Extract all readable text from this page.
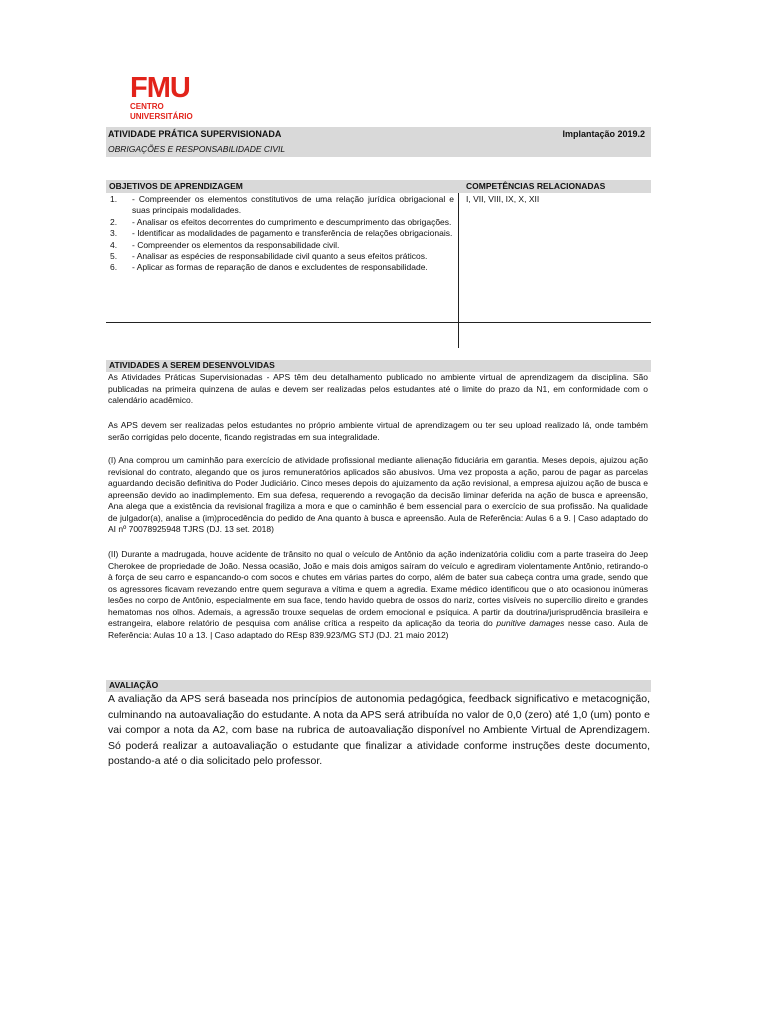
FMU
CENTRO UNIVERSITÁRIO
ATIVIDADE PRÁTICA SUPERVISIONADA	Implantação 2019.2
OBRIGAÇÕES E RESPONSABILIDADE CIVIL
OBJETIVOS DE APRENDIZAGEM	COMPETÊNCIAS RELACIONADAS
1. - Compreender os elementos constitutivos de uma relação jurídica obrigacional e suas principais modalidades.
2. - Analisar os efeitos decorrentes do cumprimento e descumprimento das obrigações.
3. - Identificar as modalidades de pagamento e transferência de relações obrigacionais.
4. - Compreender os elementos da responsabilidade civil.
5. - Analisar as espécies de responsabilidade civil quanto a seus efeitos práticos.
6. - Aplicar as formas de reparação de danos e excludentes de responsabilidade.
I, VII, VIII, IX, X, XII
ATIVIDADES A SEREM DESENVOLVIDAS

As Atividades Práticas Supervisionadas - APS têm deu detalhamento publicado no ambiente virtual de aprendizagem da disciplina. São publicadas na primeira quinzena de aulas e devem ser realizadas pelos estudantes até o limite do prazo da N1, em conformidade com o calendário acadêmico.

As APS devem ser realizadas pelos estudantes no próprio ambiente virtual de aprendizagem ou ter seu upload realizado lá, onde também serão corrigidas pelo docente, ficando registradas em sua integralidade.

(I) Ana comprou um caminhão para exercício de atividade profissional mediante alienação fiduciária em garantia. Meses depois, ajuizou ação revisional do contrato, alegando que os juros remuneratórios aplicados são abusivos. Uma vez proposta a ação, parou de pagar as parcelas aguardando decisão definitiva do Poder Judiciário. Cinco meses depois do ajuizamento da ação revisional, a empresa ajuizou ação de busca e apreensão devido ao inadimplemento. Em sua defesa, requerendo a revogação da decisão liminar deferida na ação de busca e apreensão, Ana alega que a existência da revisional fragiliza a mora e que o caminhão é bem essencial para o exercício de sua profissão. Na qualidade de julgador(a), analise a (im)procedência do pedido de Ana quanto à busca e apreensão. Aula de Referência: Aulas 6 a 9. | Caso adaptado do AI nº 70078925948 TJRS (DJ. 13 set. 2018)

(II) Durante a madrugada, houve acidente de trânsito no qual o veículo de Antônio da ação indenizatória colidiu com a parte traseira do Jeep Cherokee de propriedade de João. Nessa ocasião, João e mais dois amigos saíram do veículo e agrediram violentamente Antônio, retirando-o à força de seu carro e espancando-o com socos e chutes em várias partes do corpo, além de bater sua cabeça contra uma grade, sendo que os agressores ficavam revezando entre quem segurava a vítima e quem a agredia. Exame médico identificou que o ato ocasionou inúmeras lesões no corpo de Antônio, especialmente em sua face, tendo havido quebra de ossos do nariz, cortes visíveis no supercílio direito e grandes hematomas nos olhos. Ademais, a agressão trouxe sequelas de ordem emocional e psíquica. A partir da doutrina/jurisprudência brasileira e estrangeira, elabore relatório de pesquisa com análise crítica a respeito da aplicação da teoria do punitive damages nesse caso. Aula de Referência: Aulas 10 a 13. | Caso adaptado do REsp 839.923/MG STJ (DJ. 21 maio 2012)

AVALIAÇÃO

A avaliação da APS será baseada nos princípios de autonomia pedagógica, feedback significativo e metacognição, culminando na autoavaliação do estudante. A nota da APS será atribuída no valor de 0,0 (zero) até 1,0 (um) ponto e vai compor a nota da A2, com base na rubrica de autoavaliação disponível no Ambiente Virtual de Aprendizagem. Só poderá realizar a autoavaliação o estudante que finalizar a atividade conforme instruções deste documento, postando-a até o dia solicitado pelo professor.
